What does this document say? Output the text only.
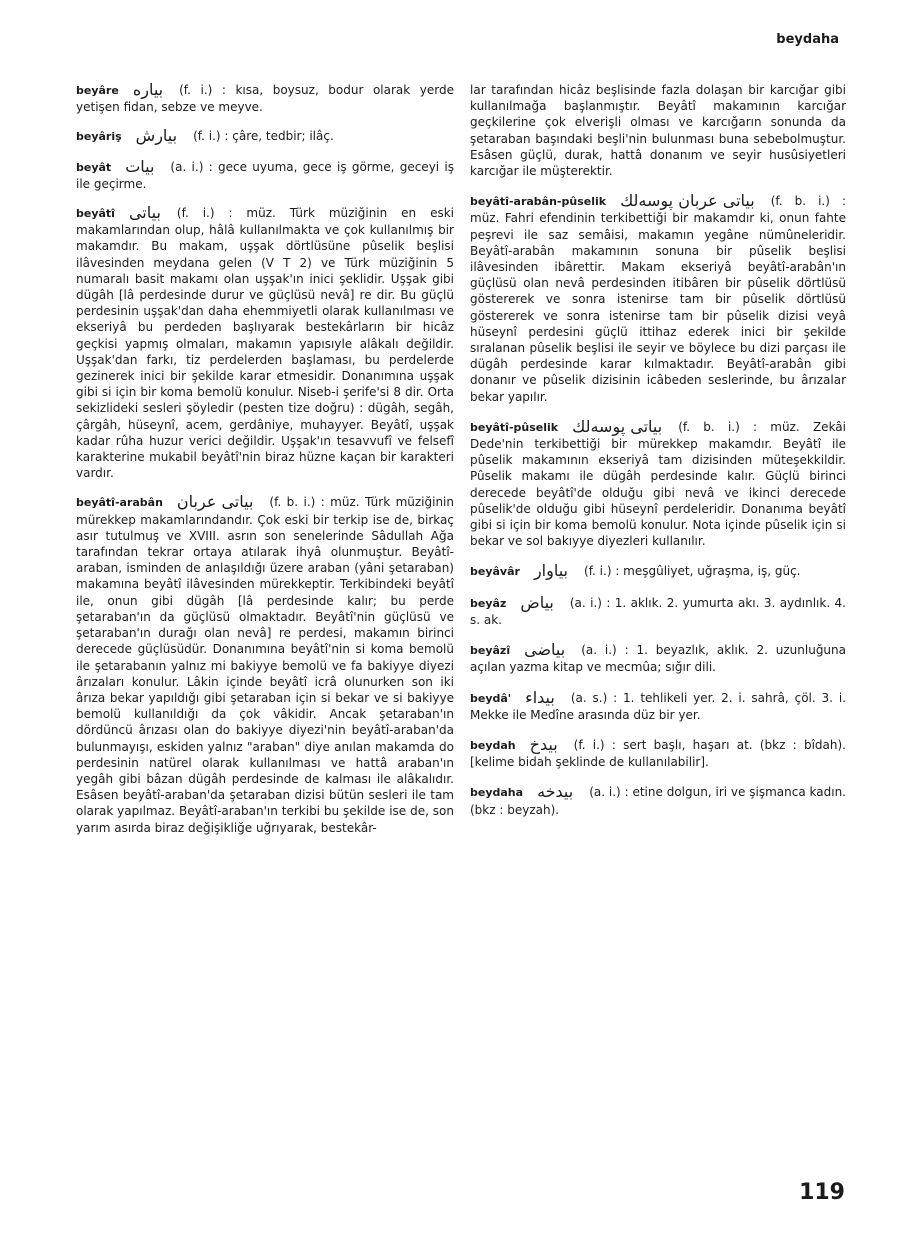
beydaha

beyâre بياره (f. i.) : kısa, boysuz, bodur olarak yerde yetişen fidan, sebze ve meyve.

beyâriş بيارش (f. i.) : çâre, tedbir; ilâç.

beyât بيات (a. i.) : gece uyuma, gece iş görme, geceyi iş ile geçirme.

beyâtî بياتى (f. i.) : müz. Türk müziğinin en eski makamlarından olup, hâlâ kullanılmakta ve çok kullanılmış bir makamdır. Bu makam, uşşak dörtlüsüne pûselik beşlisi ilâvesinden meydana gelen (V T 2) ve Türk müziğinin 5 numaralı basit makamı olan uşşak'ın inici şeklidir. Uşşak gibi dügâh [lâ perdesinde durur ve güçlüsü nevâ] re dir. Bu güçlü perdesinin uşşak'dan daha ehemmiyetli olarak kullanılması ve ekseriyâ bu perdeden başlıyarak bestekârların bir hicâz geçkisi yapmış olmaları, makamın yapısıyle alâkalı değildir. Uşşak'dan farkı, tiz perdelerden başlaması, bu perdelerde gezinerek inici bir şekilde karar etmesidir. Donanımına uşşak gibi si için bir koma bemolü konulur. Niseb-i şerife'si 8 dir. Orta sekizlideki sesleri şöyledir (pesten tize doğru) : dügâh, segâh, çârgâh, hüseynî, acem, gerdâniye, muhayyer. Beyâtî, uşşak kadar rûha huzur verici değildir. Uşşak'ın tesavvufî ve felsefî karakterine mukabil beyâtî'nin biraz hüzne kaçan bir karakteri vardır.

beyâtî-arabân بياتى عربان (f. b. i.) : müz. Türk müziğinin mürekkep makamlarındandır. Çok eski bir terkip ise de, birkaç asır tutulmuş ve XVIII. asrın son senelerinde Sâdullah Ağa tarafından tekrar ortaya atılarak ihyâ olunmuştur. Beyâtî-araban, isminden de anlaşıldığı üzere araban (yâni şetaraban) makamına beyâtî ilâvesinden mürekkeptir. Terkibindeki beyâtî ile, onun gibi dügâh [lâ perdesinde kalır; bu perde şetaraban'ın da güçlüsü olmaktadır. Beyâtî'nin güçlüsü ve şetaraban'ın durağı olan nevâ] re perdesi, makamın birinci derecede güçlüsüdür. Donanımına beyâtî'nin si koma bemolü ile şetarabanın yalnız mi bakiyye bemolü ve fa bakiyye diyezi ârızaları konulur. Lâkin içinde beyâtî icrâ olunurken son iki ârıza bekar yapıldığı gibi şetaraban için si bekar ve si bakiyye bemolü kullanıldığı da çok vâkidir. Ancak şetaraban'ın dördüncü ârızası olan do bakiyye diyezi'nin beyâtî-araban'da bulunmayışı, eskiden yalnız "araban" diye anılan makamda do perdesinin natürel olarak kullanılması ve hattâ araban'ın yegâh gibi bâzan dügâh perdesinde de kalması ile alâkalıdır. Esâsen beyâtî-araban'da şetaraban dizisi bütün sesleri ile tam olarak yapılmaz. Beyâtî-araban'ın terkibi bu şekilde ise de, son yarım asırda biraz değişikliğe uğrıyarak, bestekâr-

lar tarafından hicâz beşlisinde fazla dolaşan bir karcığar gibi kullanılmağa başlanmıştır. Beyâtî makamının karcığar geçkilerine çok elverişli olması ve karcığarın sonunda da şetaraban başındaki beşli'nin bulunması buna sebebolmuştur. Esâsen güçlü, durak, hattâ donanım ve seyir husûsiyetleri karcığar ile müşterektir.

beyâtî-arabân-pûselik بياتى عربان پوسه‌لك (f. b. i.) : müz. Fahri efendinin terkibettiği bir makamdır ki, onun fahte peşrevi ile saz semâisi, makamın yegâne nümûneleridir. Beyâtî-arabân makamının sonuna bir pûselik beşlisi ilâvesinden ibârettir. Makam ekseriyâ beyâtî-arabân'ın güçlüsü olan nevâ perdesinden itibâren bir pûselik dörtlüsü göstererek ve sonra istenirse tam bir pûselik dörtlüsü göstererek ve sonra istenirse tam bir pûselik dizisi veyâ hüseynî perdesini güçlü ittihaz ederek inici bir şekilde sıralanan pûselik beşlisi ile seyir ve böylece bu dizi parçası ile dügâh perdesinde karar kılmaktadır. Beyâtî-arabân gibi donanır ve pûselik dizisinin icâbeden seslerinde, bu ârızalar bekar yapılır.

beyâtî-pûselik بياتى پوسه‌لك (f. b. i.) : müz. Zekâi Dede'nin terkibettiği bir mürekkep makamdır. Beyâtî ile pûselik makamının ekseriyâ tam dizisinden müteşekkildir. Pûselik makamı ile dügâh perdesinde kalır. Güçlü birinci derecede beyâtî'de olduğu gibi nevâ ve ikinci derecede pûselik'de olduğu gibi hüseynî perdeleridir. Donanıma beyâtî gibi si için bir koma bemolü konulur. Nota içinde pûselik için si bekar ve sol bakıyye diyezleri kullanılır.

beyâvâr بياوار (f. i.) : meşgûliyet, uğraşma, iş, güç.

beyâz بياض (a. i.) : 1. aklık. 2. yumurta akı. 3. aydınlık. 4. s. ak.

beyâzî بياضى (a. i.) : 1. beyazlık, aklık. 2. uzunluğuna açılan yazma kitap ve mecmûa; sığır dili.

beydâ' بيداء (a. s.) : 1. tehlikeli yer. 2. i. sahrâ, çöl. 3. i. Mekke ile Medîne arasında düz bir yer.

beydah بيدخ (f. i.) : sert başlı, haşarı at. (bkz : bîdah). [kelime bidah şeklinde de kullanılabilir].

beydaha بيدخه (a. i.) : etine dolgun, iri ve şişmanca kadın. (bkz : beyzah).

119
